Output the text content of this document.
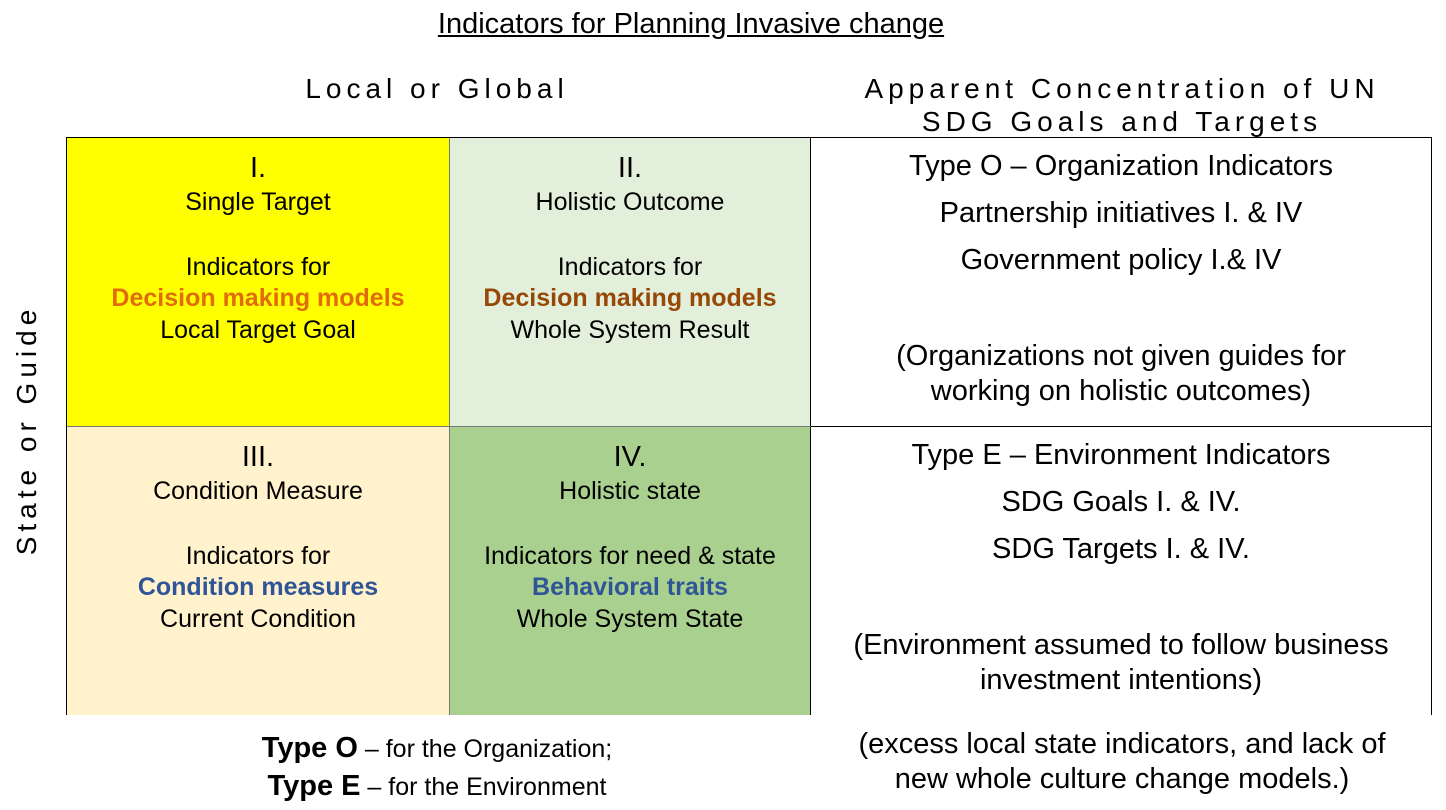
Indicators for Planning Invasive change
Local or Global	Apparent Concentration of UN
SDG Goals and Targets
State or Guide
I.
Single Target
Indicators for
Decision making models
Local Target Goal
II.
Holistic Outcome
Indicators for
Decision making models
Whole System Result
III.
Condition Measure
Indicators for
Condition measures
Current Condition
IV.
Holistic state
Indicators for need & state
Behavioral traits
Whole System State
Type O – Organization Indicators
Partnership initiatives I. & IV
Government policy I.& IV
(Organizations not given guides for
working on holistic outcomes)
Type E – Environment Indicators
SDG Goals I. & IV.
SDG Targets I. & IV.
(Environment assumed to follow business
investment intentions)
Type O – for the Organization;
Type E – for the Environment
(excess local state indicators, and lack of
new whole culture change models.)
